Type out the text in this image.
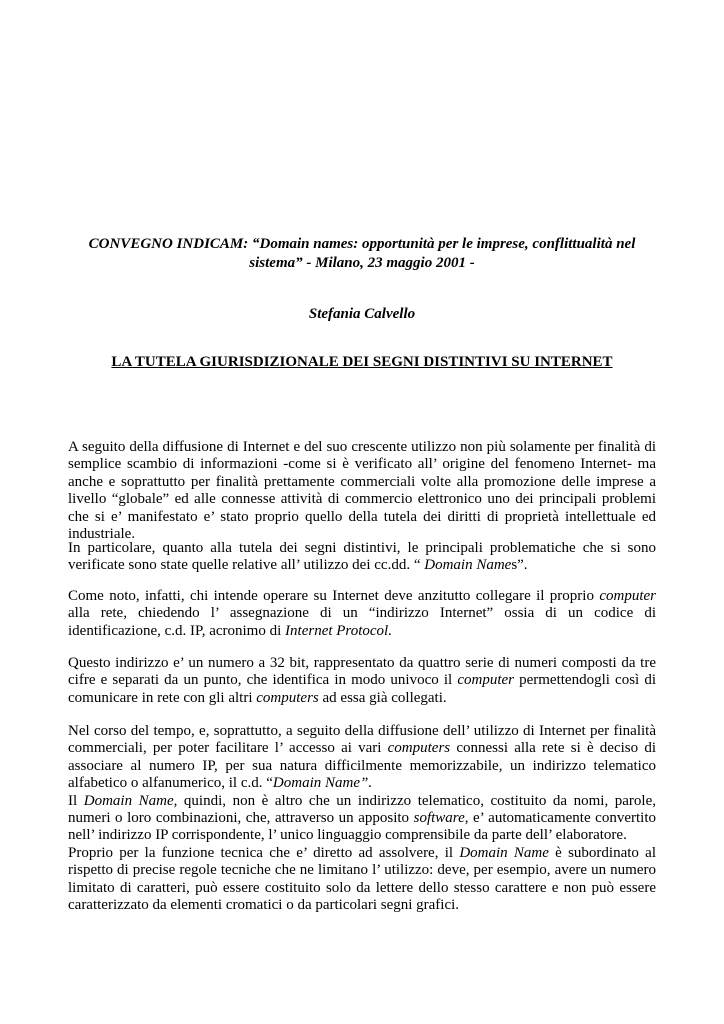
CONVEGNO INDICAM: “Domain names: opportunità per le imprese, conflittualità nel
sistema” - Milano, 23 maggio 2001 -
Stefania Calvello
LA TUTELA GIURISDIZIONALE DEI SEGNI DISTINTIVI SU INTERNET

A seguito della diffusione di Internet e del suo crescente utilizzo non più solamente per finalità di semplice scambio di informazioni -come si è verificato all’ origine del fenomeno Internet- ma anche e soprattutto per finalità prettamente commerciali volte alla promozione delle imprese a livello “globale” ed alle connesse attività di commercio elettronico uno dei principali problemi che si e’ manifestato e’ stato proprio quello della tutela dei diritti di proprietà intellettuale ed industriale.

In particolare, quanto alla tutela dei segni distintivi, le principali problematiche che si sono verificate sono state quelle relative all’ utilizzo dei cc.dd. “ Domain Names”.

Come noto, infatti, chi intende operare su Internet deve anzitutto collegare il proprio computer alla rete, chiedendo l’ assegnazione di un “indirizzo Internet” ossia di un codice di identificazione, c.d. IP, acronimo di Internet Protocol.

Questo indirizzo e’ un numero a 32 bit, rappresentato da quattro serie di numeri composti da tre cifre e separati da un punto, che identifica in modo univoco il computer permettendogli così di comunicare in rete con gli altri computers ad essa già collegati.

Nel corso del tempo, e, soprattutto, a seguito della diffusione dell’ utilizzo di Internet per finalità commerciali, per poter facilitare l’ accesso ai vari computers connessi alla rete si è deciso di associare al numero IP, per sua natura difficilmente memorizzabile, un indirizzo telematico alfabetico o alfanumerico, il c.d. “Domain Name”.

Il Domain Name, quindi, non è altro che un indirizzo telematico, costituito da nomi, parole, numeri o loro combinazioni, che, attraverso un apposito software, e’ automaticamente convertito nell’ indirizzo IP corrispondente, l’ unico linguaggio comprensibile da parte dell’ elaboratore.

Proprio per la funzione tecnica che e’ diretto ad assolvere, il Domain Name è subordinato al rispetto di precise regole tecniche che ne limitano l’ utilizzo: deve, per esempio, avere un numero limitato di caratteri, può essere costituito solo da lettere dello stesso carattere e non può essere caratterizzato da elementi cromatici o da particolari segni grafici.
